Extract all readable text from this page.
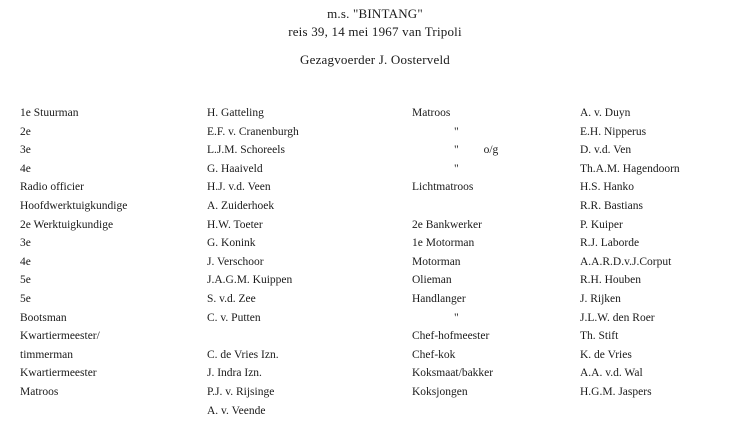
m.s. "BINTANG"
reis 39, 14 mei 1967 van Tripoli
Gezagvoerder J. Oosterveld
1e Stuurman
2e
3e
4e
Radio officier
Hoofdwerktuigkundige
2e Werktuigkundige
3e
4e
5e
5e
Bootsman
Kwartiermeester/
timmerman
Kwartiermeester
Matroos
H. Gatteling
E.F. v. Cranenburgh
L.J.M. Schoreels
G. Haaiveld
H.J. v.d. Veen
A. Zuiderhoek
H.W. Toeter
G. Konink
J. Verschoor
J.A.G.M. Kuippen
S. v.d. Zee
C. v. Putten
C. de Vries Izn.
J. Indra Izn.
P.J. v. Rijsinge
A. v. Veende
Matroos
"
" o/g
"
Lichtmatroos
2e Bankwerker
1e Motorman
Motorman
Olieman
Handlanger
"
Chef-hofmeester
Chef-kok
Koksmaat/bakker
Koksjongen
A. v. Duyn
E.H. Nipperus
D. v.d. Ven
Th.A.M. Hagendoorn
H.S. Hanko
R.R. Bastians
P. Kuiper
R.J. Laborde
A.A.R.D.v.J.Corput
R.H. Houben
J. Rijken
J.L.W. den Roer
Th. Stift
K. de Vries
A.A. v.d. Wal
H.G.M. Jaspers
